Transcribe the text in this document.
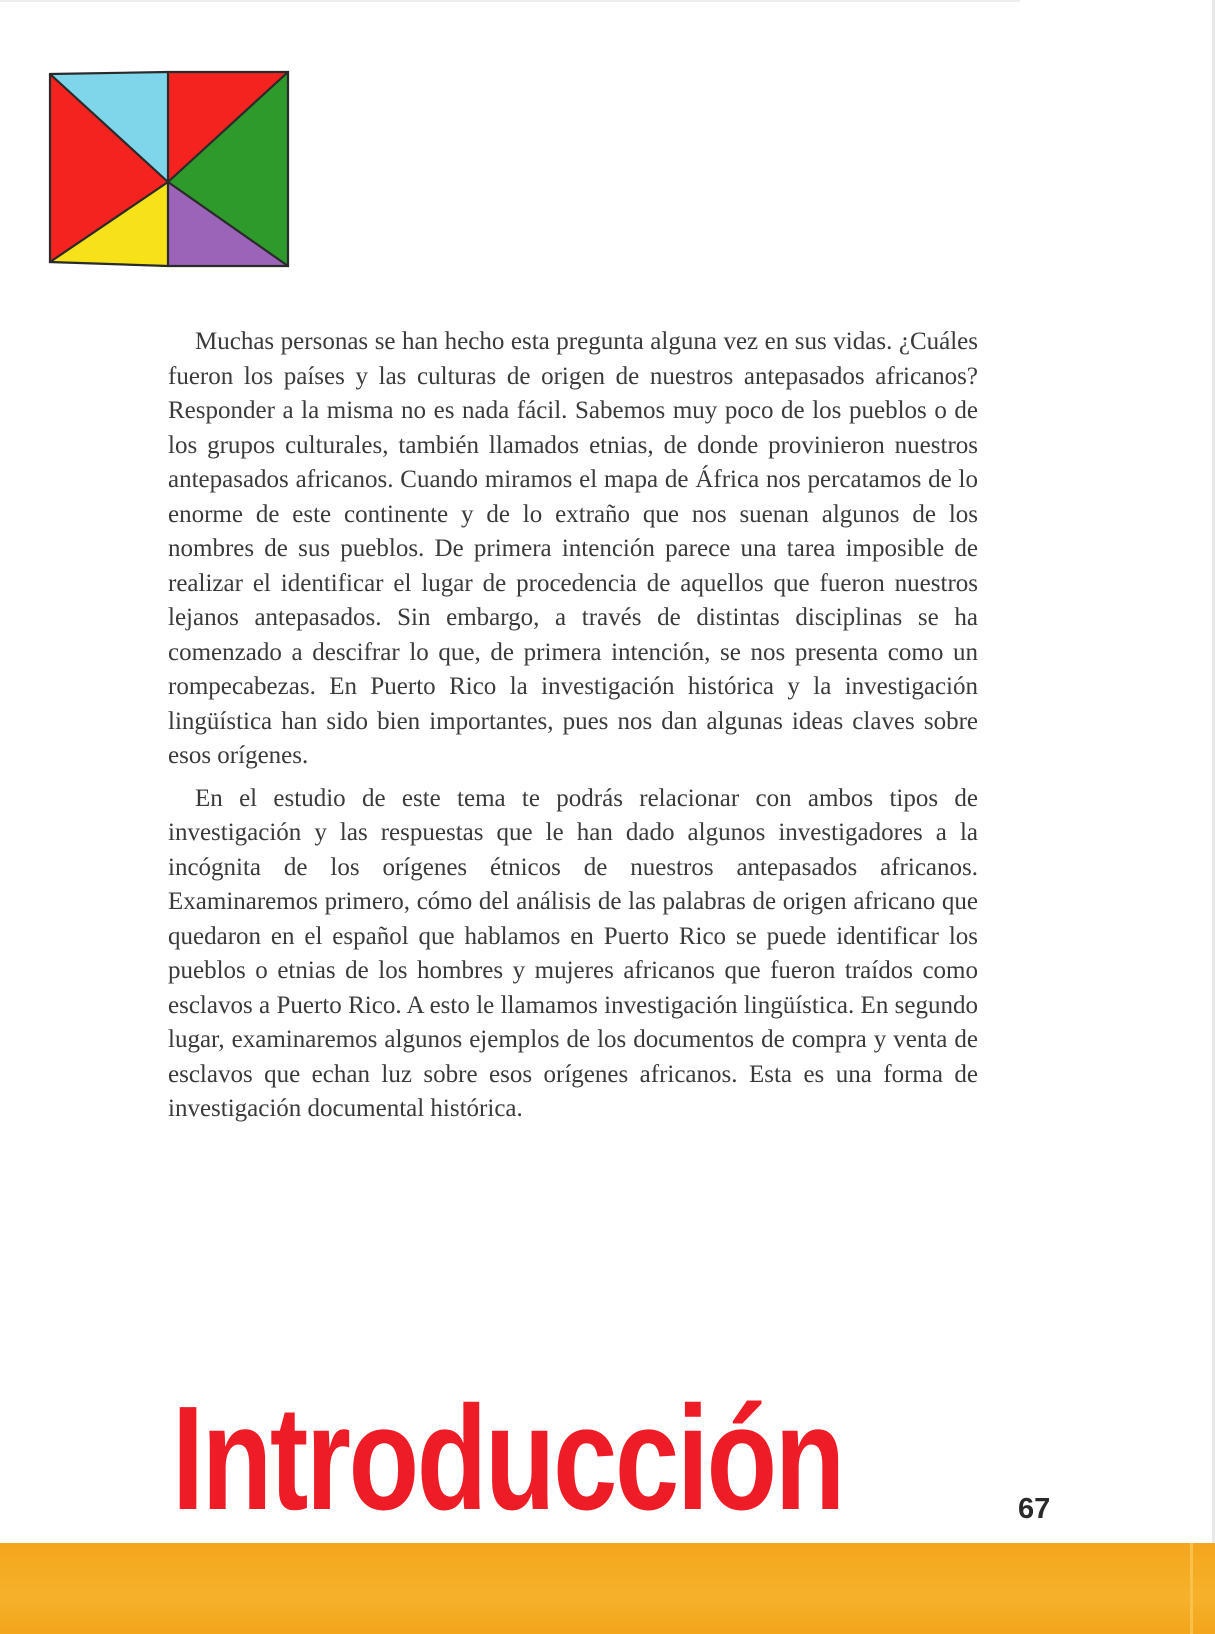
Muchas personas se han hecho esta pregunta alguna vez en sus vidas. ¿Cuáles fueron los países y las culturas de origen de nuestros antepasados africanos? Responder a la misma no es nada fácil. Sabemos muy poco de los pueblos o de los grupos culturales, también llamados etnias, de donde provinieron nuestros antepasados africanos. Cuando miramos el mapa de África nos percatamos de lo enorme de este continente y de lo extraño que nos suenan algunos de los nombres de sus pueblos. De primera intención parece una tarea imposible de realizar el identificar el lugar de procedencia de aquellos que fueron nuestros lejanos antepasados. Sin embargo, a través de distintas disciplinas se ha comenzado a descifrar lo que, de primera intención, se nos presenta como un rompecabezas. En Puerto Rico la investigación histórica y la investigación lingüística han sido bien importantes, pues nos dan algunas ideas claves sobre esos orígenes.

En el estudio de este tema te podrás relacionar con ambos tipos de investigación y las respuestas que le han dado algunos investigadores a la incógnita de los orígenes étnicos de nuestros antepasados africanos. Examinaremos primero, cómo del análisis de las palabras de origen africano que quedaron en el español que hablamos en Puerto Rico se puede identificar los pueblos o etnias de los hombres y mujeres africanos que fueron traídos como esclavos a Puerto Rico. A esto le llamamos investigación lingüística. En segundo lugar, examinaremos algunos ejemplos de los documentos de compra y venta de esclavos que echan luz sobre esos orígenes africanos. Esta es una forma de investigación documental histórica.

Introducción	67
